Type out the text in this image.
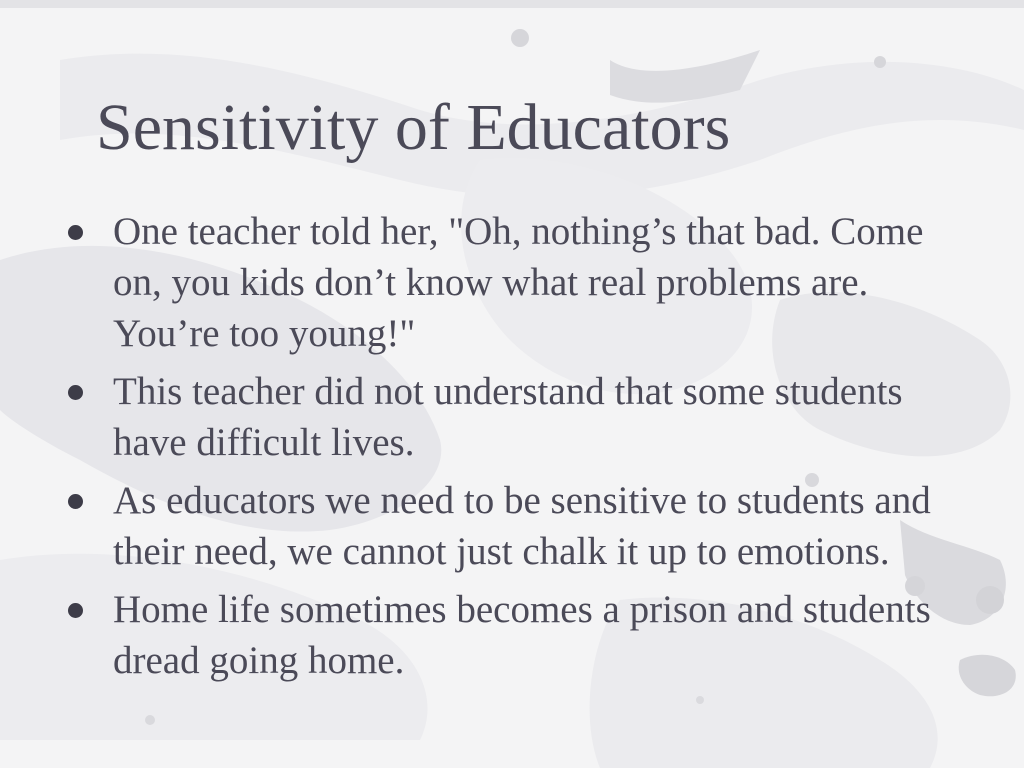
Sensitivity of Educators
One teacher told her, "Oh, nothing’s that bad. Come on, you kids don’t know what real problems are. You’re too young!"
This teacher did not understand that some students have difficult lives.
As educators we need to be sensitive to students and their need, we cannot just chalk it up to emotions.
Home life sometimes becomes a prison and students dread going home.
